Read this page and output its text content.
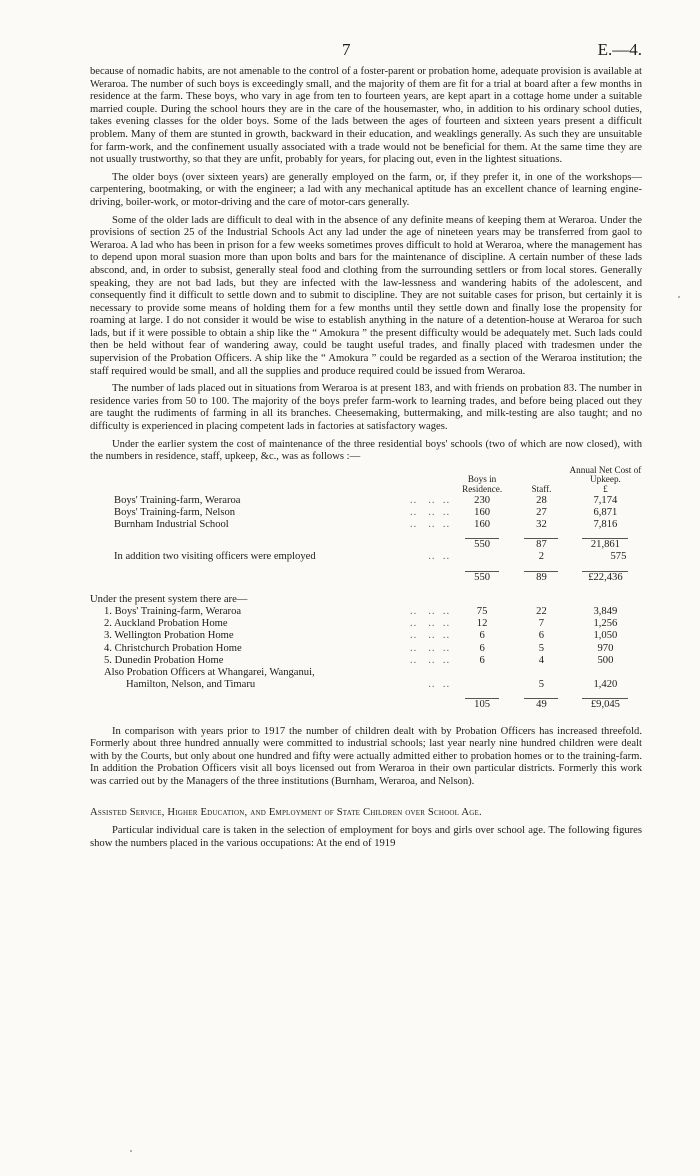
7	E.—4.

because of nomadic habits, are not amenable to the control of a foster-parent or probation home, adequate provision is available at Weraroa. The number of such boys is exceedingly small, and the majority of them are fit for a trial at board after a few months in residence at the farm. These boys, who vary in age from ten to fourteen years, are kept apart in a cottage home under a suitable married couple. During the school hours they are in the care of the housemaster, who, in addition to his ordinary school duties, takes evening classes for the older boys. Some of the lads between the ages of fourteen and sixteen years present a difficult problem. Many of them are stunted in growth, backward in their education, and weaklings generally. As such they are unsuitable for farm-work, and the confinement usually associated with a trade would not be beneficial for them. At the same time they are not usually trustworthy, so that they are unfit, probably for years, for placing out, even in the lightest situations.

The older boys (over sixteen years) are generally employed on the farm, or, if they prefer it, in one of the workshops—carpentering, bootmaking, or with the engineer; a lad with any mechanical aptitude has an excellent chance of learning engine-driving, boiler-work, or motor-driving and the care of motor-cars generally.

Some of the older lads are difficult to deal with in the absence of any definite means of keeping them at Weraroa. Under the provisions of section 25 of the Industrial Schools Act any lad under the age of nineteen years may be transferred from gaol to Weraroa. A lad who has been in prison for a few weeks sometimes proves difficult to hold at Weraroa, where the management has to depend upon moral suasion more than upon bolts and bars for the maintenance of discipline. A certain number of these lads abscond, and, in order to subsist, generally steal food and clothing from the surrounding settlers or from local stores. Generally speaking, they are not bad lads, but they are infected with the law-lessness and wandering habits of the adolescent, and consequently find it difficult to settle down and to submit to discipline. They are not suitable cases for prison, but certainly it is necessary to provide some means of holding them for a few months until they settle down and finally lose the propensity for roaming at large. I do not consider it would be wise to establish anything in the nature of a detention-house at Weraroa for such lads, but if it were possible to obtain a ship like the “ Amokura ” the present difficulty would be adequately met. Such lads could then be held without fear of wandering away, could be taught useful trades, and finally placed with tradesmen under the supervision of the Probation Officers. A ship like the “ Amokura ” could be regarded as a section of the Weraroa institution; the staff required would be small, and all the supplies and produce required could be issued from Weraroa.

The number of lads placed out in situations from Weraroa is at present 183, and with friends on probation 83. The number in residence varies from 50 to 100. The majority of the boys prefer farm-work to learning trades, and before being placed out they are taught the rudiments of farming in all its branches. Cheesemaking, buttermaking, and milk-testing are also taught; and no difficulty is experienced in placing competent lads in factories at satisfactory wages.

Under the earlier system the cost of maintenance of the three residential boys' schools (two of which are now closed), with the numbers in residence, staff, upkeep, &c., was as follows :—

		Boys in Residence.	Staff.	Annual Net Cost of Upkeep.
£
Boys' Training-farm, Weraroa	..   ..  ..	230	28	7,174
Boys' Training-farm, Nelson	..   ..  ..	160	27	6,871
Burnham Industrial School	..   ..  ..	160	32	7,816

		550	87	21,861
In addition two visiting officers were employed	..  ..		2	575

		550	89	£22,436
Under the present system there are—				
1. Boys' Training-farm, Weraroa	..   ..  ..	75	22	3,849
2. Auckland Probation Home	..   ..  ..	12	7	1,256
3. Wellington Probation Home	..   ..  ..	6	6	1,050
4. Christchurch Probation Home	..   ..  ..	6	5	970
5. Dunedin Probation Home	..   ..  ..	6	4	500
Also Probation Officers at Whangarei, Wanganui,				
Hamilton, Nelson, and Timaru	..  ..		5	1,420

		105	49	£9,045

In comparison with years prior to 1917 the number of children dealt with by Probation Officers has increased threefold. Formerly about three hundred annually were committed to industrial schools; last year nearly nine hundred children were dealt with by the Courts, but only about one hundred and fifty were actually admitted either to probation homes or to the training-farm. In addition the Probation Officers visit all boys licensed out from Weraroa in their own particular districts. Formerly this work was carried out by the Managers of the three institutions (Burnham, Weraroa, and Nelson).

Assisted Service, Higher Education, and Employment of State Children over School Age.

Particular individual care is taken in the selection of employment for boys and girls over school age. The following figures show the numbers placed in the various occupations: At the end of 1919
